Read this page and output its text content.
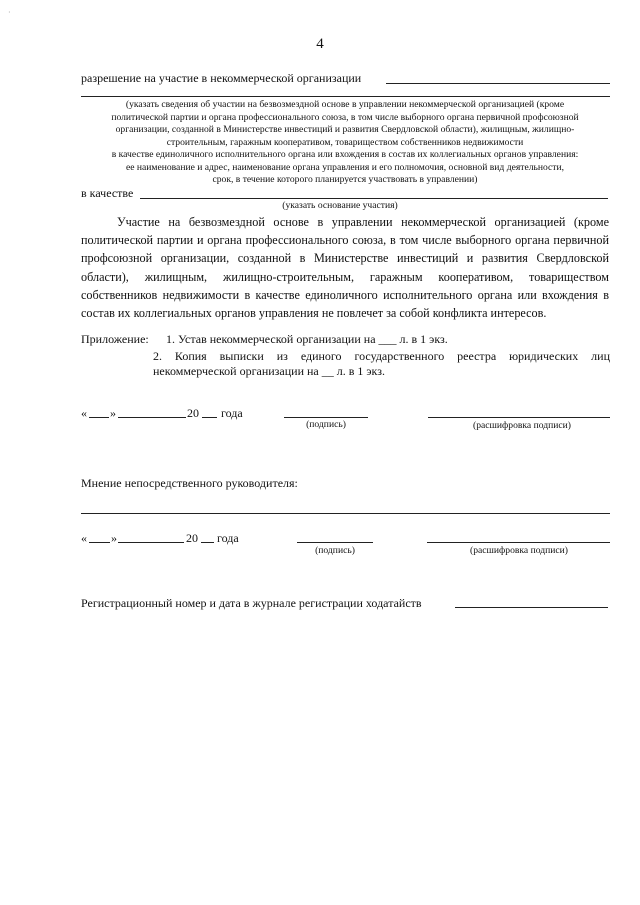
·
4
разрешение на участие в некоммерческой организации
(указать сведения об участии на безвозмездной основе в управлении некоммерческой организацией (кроме
политической партии и органа профессионального союза, в том числе выборного органа первичной профсоюзной
организации, созданной в Министерстве инвестиций и развития Свердловской области), жилищным, жилищно-
строительным, гаражным кооперативом, товариществом собственников недвижимости
в качестве единоличного исполнительного органа или вхождения в состав их коллегиальных органов управления:
ее наименование и адрес, наименование органа управления и его полномочия, основной вид деятельности,
срок, в течение которого планируется участвовать в управлении)
в качестве
(указать основание участия)

Участие на безвозмездной основе в управлении некоммерческой организацией (кроме политической партии и органа профессионального союза, в том числе выборного органа первичной профсоюзной организации, созданной в Министерстве инвестиций и развития Свердловской области), жилищным, жилищно-строительным, гаражным кооперативом, товариществом собственников недвижимости в качестве единоличного исполнительного органа или вхождения в состав их коллегиальных органов управления не повлечет за собой конфликта интересов.

Приложение: 1. Устав некоммерческой организации на ___ л. в 1 экз.
2. Копия выписки из единого государственного реестра юридических лиц
некоммерческой организации на __ л. в 1 экз.
« »	20 года
(подпись)	(расшифровка подписи)
Мнение непосредственного руководителя:
« »	20 года
(подпись)	(расшифровка подписи)
Регистрационный номер и дата в журнале регистрации ходатайств
